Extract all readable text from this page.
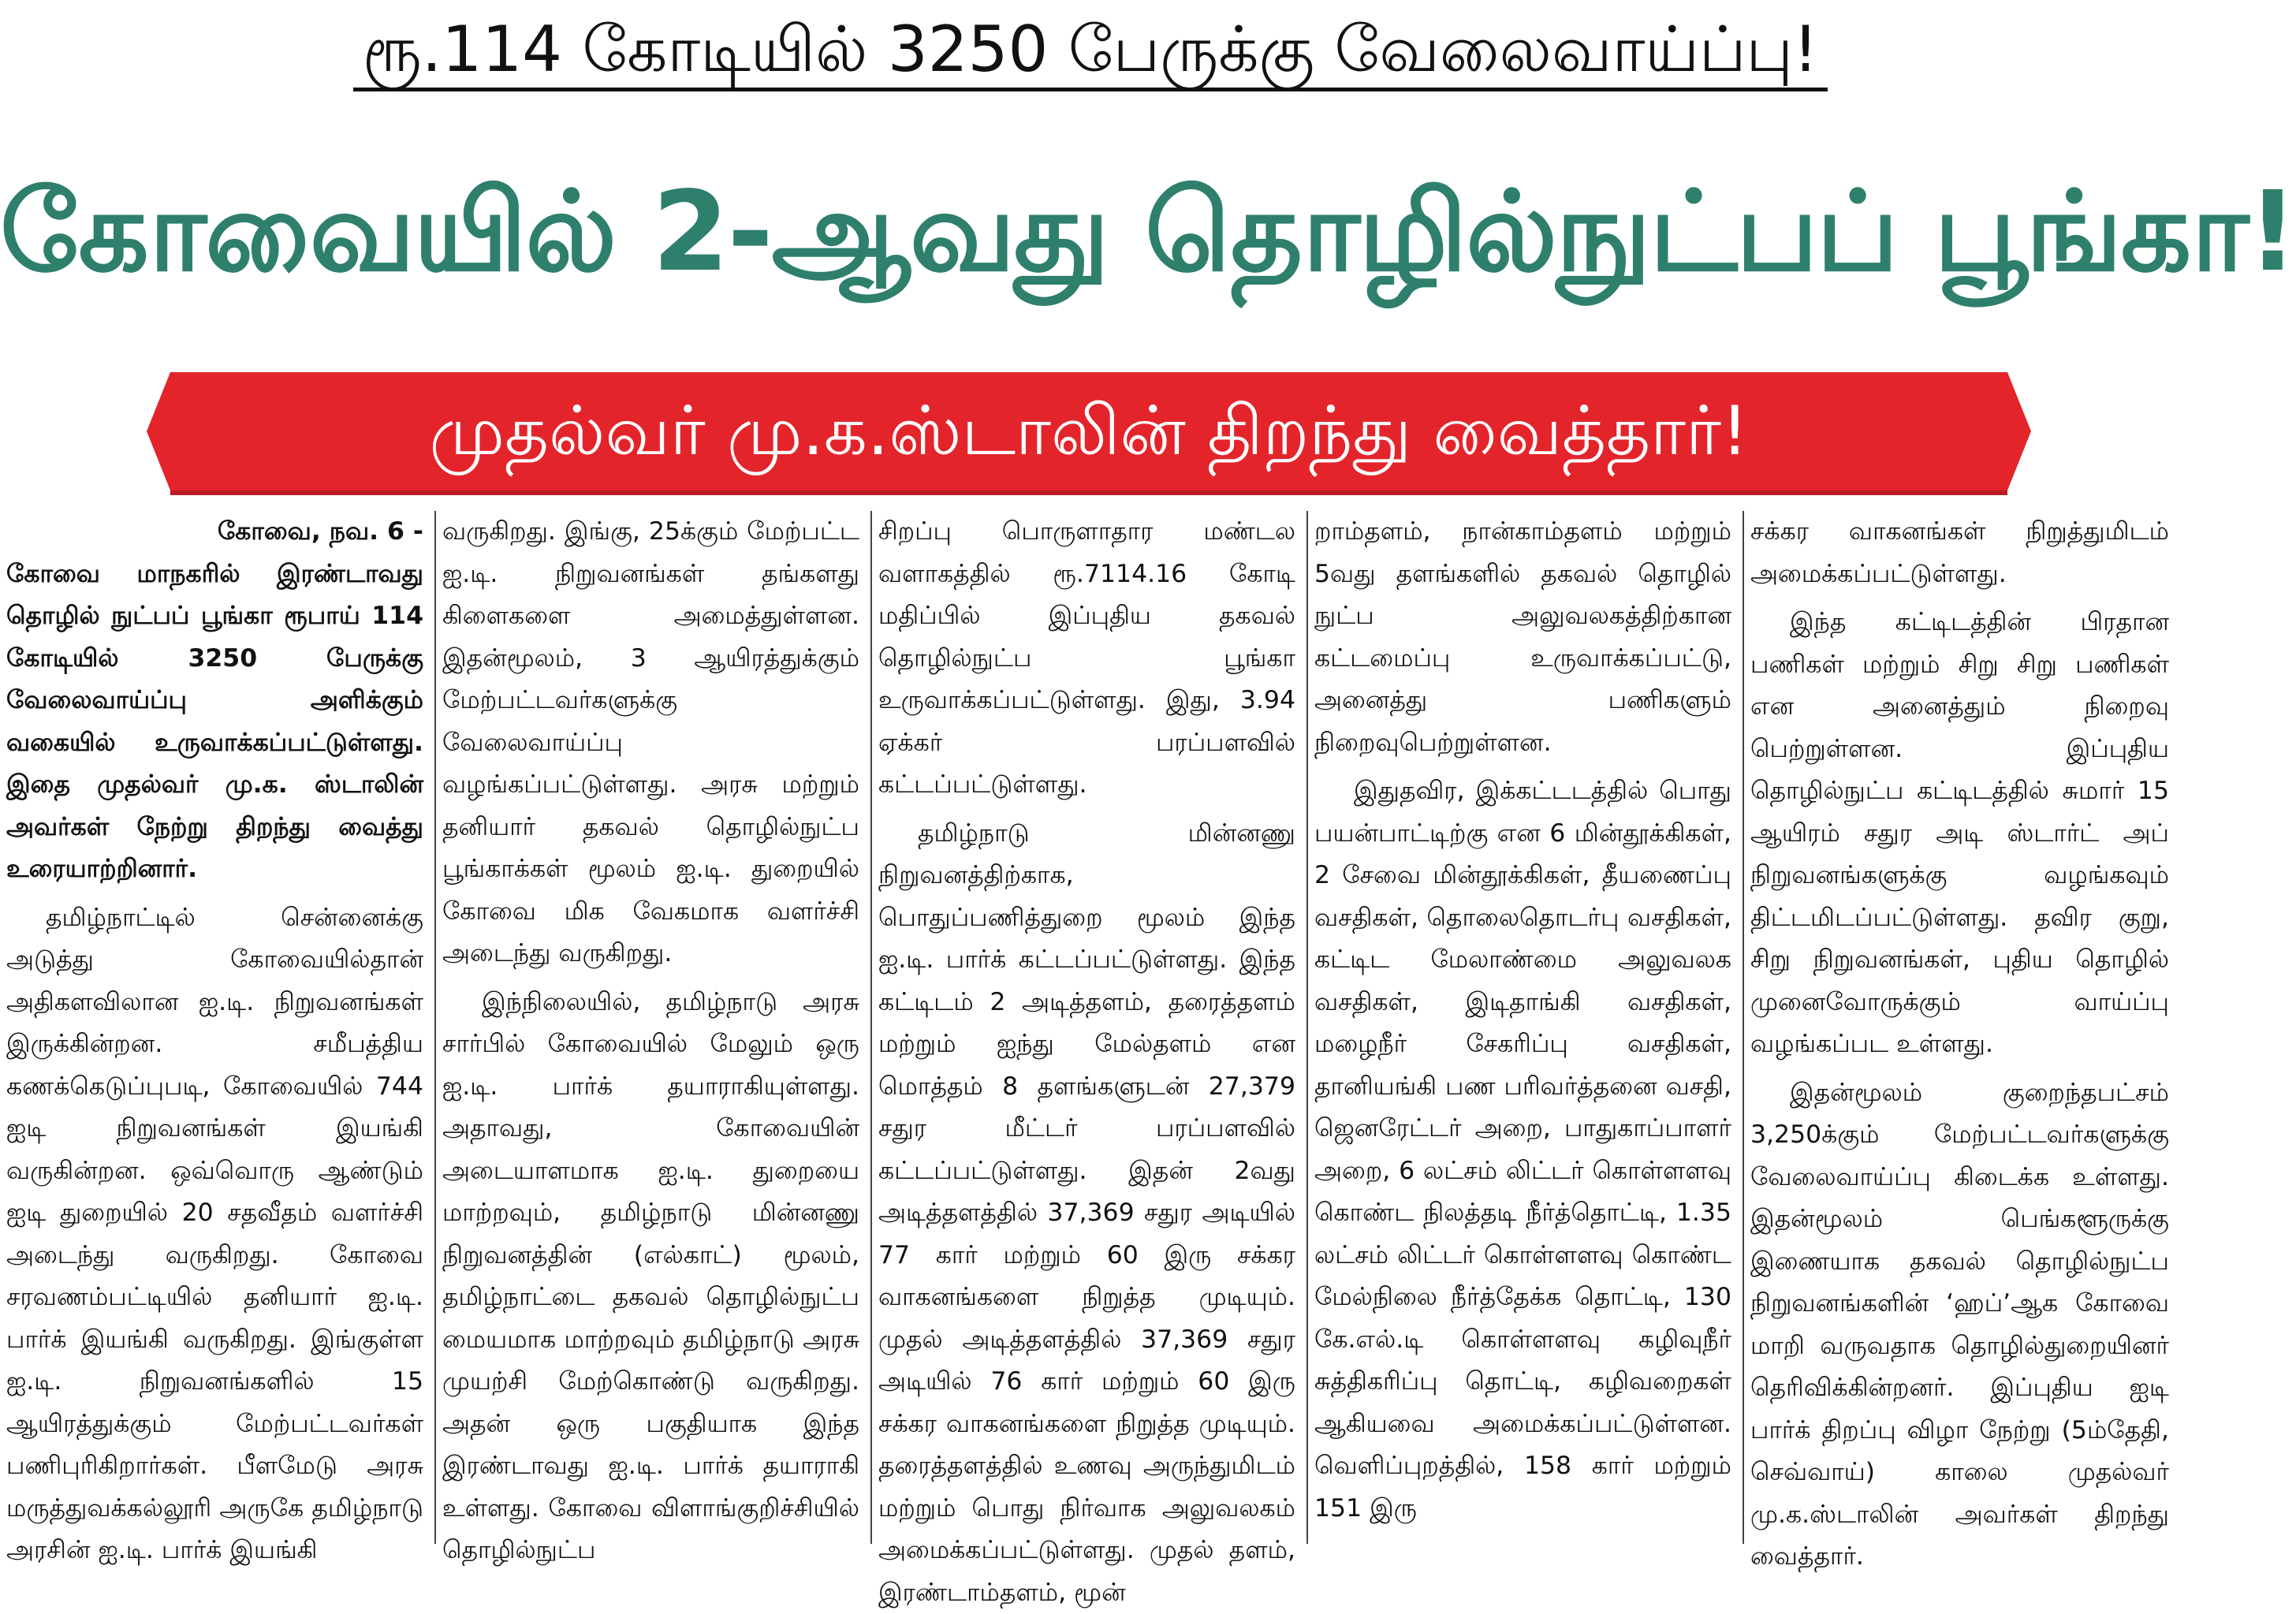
ரூ.114 கோடியில் 3250 பேருக்கு வேலைவாய்ப்பு!
கோவையில் 2-ஆவது தொழில்நுட்பப் பூங்கா!
முதல்வர் மு.க.ஸ்டாலின் திறந்து வைத்தார்!

கோவை, நவ. 6 -

கோவை மாநகரில் இரண்டாவது தொழில் நுட்பப் பூங்கா ரூபாய் 114 கோடியில் 3250 பேருக்கு வேலைவாய்ப்பு அளிக்கும் வகையில் உருவாக்கப்பட்டுள்ளது. இதை முதல்வர் மு.க. ஸ்டாலின் அவர்கள் நேற்று திறந்து வைத்து உரையாற்றினார்.

தமிழ்நாட்டில் சென்னைக்கு அடுத்து கோவையில்தான் அதிகளவிலான ஐ.டி. நிறுவனங்கள் இருக்கின்றன. சமீபத்திய கணக்கெடுப்புபடி, கோவையில் 744 ஐடி நிறுவனங்கள் இயங்கி வருகின்றன. ஒவ்வொரு ஆண்டும் ஐடி துறையில் 20 சதவீதம் வளர்ச்சி அடைந்து வருகிறது. கோவை சரவணம்பட்டியில் தனியார் ஐ.டி. பார்க் இயங்கி வருகிறது. இங்குள்ள ஐ.டி. நிறுவனங்களில் 15 ஆயிரத்துக்கும் மேற்பட்டவர்கள் பணிபுரிகிறார்கள். பீளமேடு அரசு மருத்துவக்கல்லூரி அருகே தமிழ்நாடு அரசின் ஐ.டி. பார்க் இயங்கி

வருகிறது. இங்கு, 25க்கும் மேற்பட்ட ஐ.டி. நிறுவனங்கள் தங்களது கிளைகளை அமைத்துள்ளன. இதன்மூலம், 3 ஆயிரத்துக்கும் மேற்பட்டவர்களுக்கு வேலைவாய்ப்பு வழங்கப்பட்டுள்ளது. அரசு மற்றும் தனியார் தகவல் தொழில்நுட்ப பூங்காக்கள் மூலம் ஐ.டி. துறையில் கோவை மிக வேகமாக வளர்ச்சி அடைந்து வருகிறது.

இந்நிலையில், தமிழ்நாடு அரசு சார்பில் கோவையில் மேலும் ஒரு ஐ.டி. பார்க் தயாராகியுள்ளது. அதாவது, கோவையின் அடையாளமாக ஐ.டி. துறையை மாற்றவும், தமிழ்நாடு மின்னணு நிறுவனத்தின் (எல்காட்) மூலம், தமிழ்நாட்டை தகவல் தொழில்நுட்ப மையமாக மாற்றவும் தமிழ்நாடு அரசு முயற்சி மேற்கொண்டு வருகிறது. அதன் ஒரு பகுதியாக இந்த இரண்டாவது ஐ.டி. பார்க் தயாராகி உள்ளது. கோவை விளாங்குறிச்சியில் தொழில்நுட்ப

சிறப்பு பொருளாதார மண்டல வளாகத்தில் ரூ.7114.16 கோடி மதிப்பில் இப்புதிய தகவல் தொழில்நுட்ப பூங்கா உருவாக்கப்பட்டுள்ளது. இது, 3.94 ஏக்கர் பரப்பளவில் கட்டப்பட்டுள்ளது.

தமிழ்நாடு மின்னணு நிறுவனத்திற்காக, பொதுப்பணித்துறை மூலம் இந்த ஐ.டி. பார்க் கட்டப்பட்டுள்ளது. இந்த கட்டிடம் 2 அடித்தளம், தரைத்தளம் மற்றும் ஐந்து மேல்தளம் என மொத்தம் 8 தளங்களுடன் 27,379 சதுர மீட்டர் பரப்பளவில் கட்டப்பட்டுள்ளது. இதன் 2வது அடித்தளத்தில் 37,369 சதுர அடியில் 77 கார் மற்றும் 60 இரு சக்கர வாகனங்களை நிறுத்த முடியும். முதல் அடித்தளத்தில் 37,369 சதுர அடியில் 76 கார் மற்றும் 60 இரு சக்கர வாகனங்களை நிறுத்த முடியும். தரைத்தளத்தில் உணவு அருந்துமிடம் மற்றும் பொது நிர்வாக அலுவலகம் அமைக்கப்பட்டுள்ளது. முதல் தளம், இரண்டாம்தளம், மூன்

றாம்தளம், நான்காம்தளம் மற்றும் 5வது தளங்களில் தகவல் தொழில் நுட்ப அலுவலகத்திற்கான கட்டமைப்பு உருவாக்கப்பட்டு, அனைத்து பணிகளும் நிறைவுபெற்றுள்ளன.

இதுதவிர, இக்கட்டடத்தில் பொது பயன்பாட்டிற்கு என 6 மின்தூக்கிகள், 2 சேவை மின்தூக்கிகள், தீயணைப்பு வசதிகள், தொலைதொடர்பு வசதிகள், கட்டிட மேலாண்மை அலுவலக வசதிகள், இடிதாங்கி வசதிகள், மழைநீர் சேகரிப்பு வசதிகள், தானியங்கி பண பரிவர்த்தனை வசதி, ஜெனரேட்டர் அறை, பாதுகாப்பாளர் அறை, 6 லட்சம் லிட்டர் கொள்ளளவு கொண்ட நிலத்தடி நீர்த்தொட்டி, 1.35 லட்சம் லிட்டர் கொள்ளளவு கொண்ட மேல்நிலை நீர்த்தேக்க தொட்டி, 130 கே.எல்.டி கொள்ளளவு கழிவுநீர் சுத்திகரிப்பு தொட்டி, கழிவறைகள் ஆகியவை அமைக்கப்பட்டுள்ளன. வெளிப்புறத்தில், 158 கார் மற்றும் 151 இரு

சக்கர வாகனங்கள் நிறுத்துமிடம் அமைக்கப்பட்டுள்ளது.

இந்த கட்டிடத்தின் பிரதான பணிகள் மற்றும் சிறு சிறு பணிகள் என அனைத்தும் நிறைவு பெற்றுள்ளன. இப்புதிய தொழில்நுட்ப கட்டிடத்தில் சுமார் 15 ஆயிரம் சதுர அடி ஸ்டார்ட் அப் நிறுவனங்களுக்கு வழங்கவும் திட்டமிடப்பட்டுள்ளது. தவிர குறு, சிறு நிறுவனங்கள், புதிய தொழில் முனைவோருக்கும் வாய்ப்பு வழங்கப்பட உள்ளது.

இதன்மூலம் குறைந்தபட்சம் 3,250க்கும் மேற்பட்டவர்களுக்கு வேலைவாய்ப்பு கிடைக்க உள்ளது. இதன்மூலம் பெங்களூருக்கு இணையாக தகவல் தொழில்நுட்ப நிறுவனங்களின் ‘ஹப்’ஆக கோவை மாறி வருவதாக தொழில்துறையினர் தெரிவிக்கின்றனர். இப்புதிய ஐடி பார்க் திறப்பு விழா நேற்று (5ம்தேதி, செவ்வாய்) காலை முதல்வர் மு.க.ஸ்டாலின் அவர்கள் திறந்து வைத்தார்.
